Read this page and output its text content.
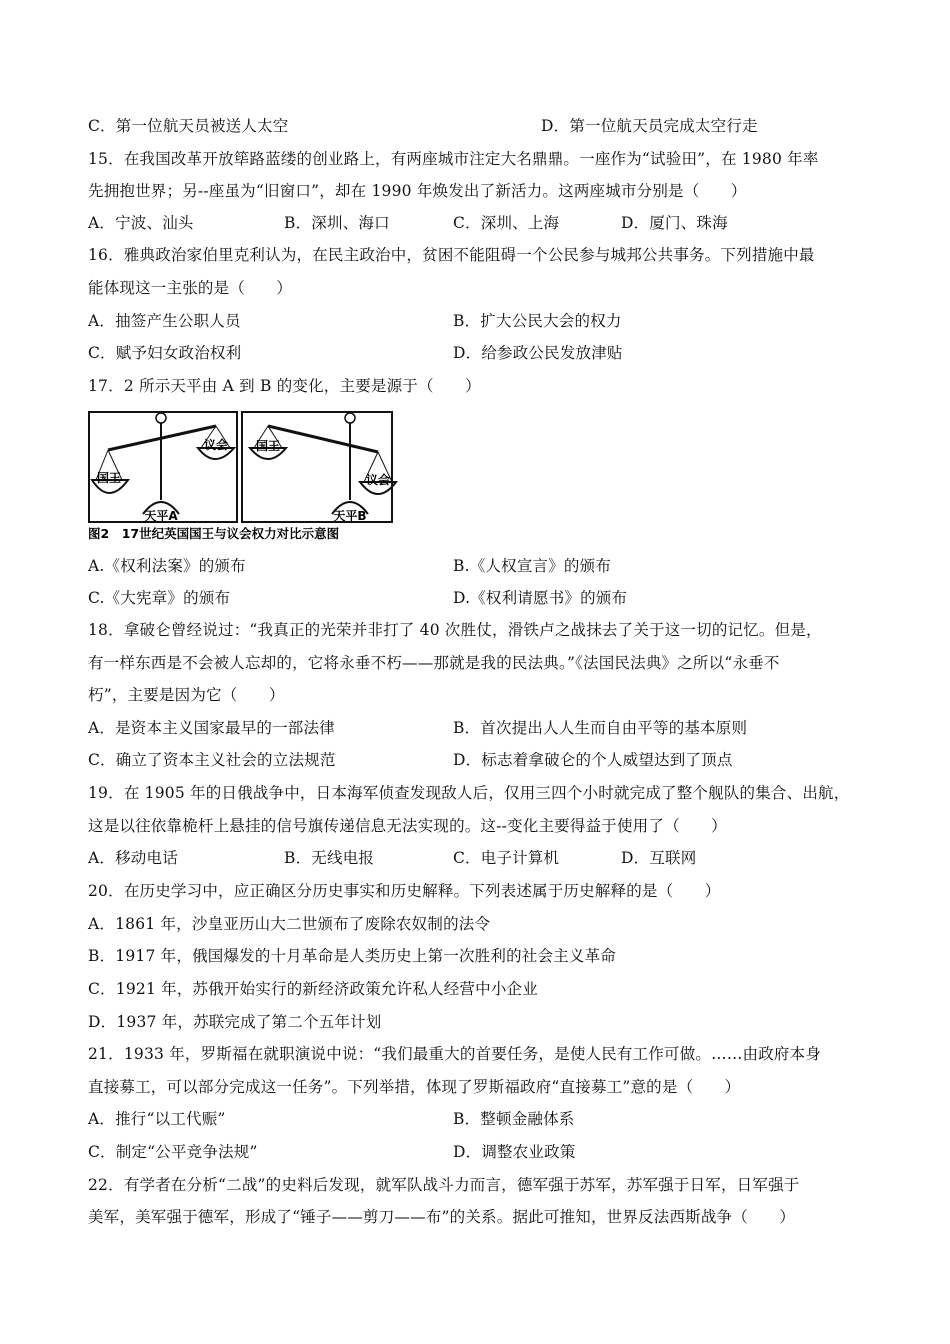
C．第一位航天员被送人太空	D．第一位航天员完成太空行走
15．在我国改革开放筚路蓝缕的创业路上，有两座城市注定大名鼎鼎。一座作为“试验田”，在 1980 年率
先拥抱世界；另--座虽为“旧窗口”，却在 1990 年焕发出了新活力。这两座城市分别是（　　）
A．宁波、汕头	B．深圳、海口	C．深圳、上海	D．厦门、珠海
16．雅典政治家伯里克利认为，在民主政治中，贫困不能阻碍一个公民参与城邦公共事务。下列措施中最
能体现这一主张的是（　　）
A．抽签产生公职人员	B．扩大公民大会的权力
C．赋予妇女政治权利	D．给参政公民发放津贴
17．2 所示天平由 A 到 B 的变化，主要是源于（　　）
国王
议会
天平A
国王
议会
天平B
图2　17世纪英国国王与议会权力对比示意图
A.《权利法案》的颁布	B.《人权宣言》的颁布
C.《大宪章》的颁布	D.《权利请愿书》的颁布
18．拿破仑曾经说过：“我真正的光荣并非打了 40 次胜仗，滑铁卢之战抹去了关于这一切的记忆。但是，
有一样东西是不会被人忘却的，它将永垂不朽——那就是我的民法典。”《法国民法典》之所以“永垂不
朽”，主要是因为它（　　）
A．是资本主义国家最早的一部法律	B．首次提出人人生而自由平等的基本原则
C．确立了资本主义社会的立法规范	D．标志着拿破仑的个人威望达到了顶点
19．在 1905 年的日俄战争中，日本海军侦查发现敌人后，仅用三四个小时就完成了整个舰队的集合、出航，
这是以往依靠桅杆上悬挂的信号旗传递信息无法实现的。这--变化主要得益于使用了（　　）
A．移动电话	B．无线电报	C．电子计算机	D．互联网
20．在历史学习中，应正确区分历史事实和历史解释。下列表述属于历史解释的是（　　）
A．1861 年，沙皇亚历山大二世颁布了废除农奴制的法令
B．1917 年，俄国爆发的十月革命是人类历史上第一次胜利的社会主义革命
C．1921 年，苏俄开始实行的新经济政策允许私人经营中小企业
D．1937 年，苏联完成了第二个五年计划
21．1933 年，罗斯福在就职演说中说：“我们最重大的首要任务，是使人民有工作可做。……由政府本身
直接募工，可以部分完成这一任务”。下列举措，体现了罗斯福政府“直接募工”意的是（　　）
A．推行“以工代赈”	B．整顿金融体系
C．制定“公平竞争法规”	D．调整农业政策
22．有学者在分析“二战”的史料后发现，就军队战斗力而言，德军强于苏军，苏军强于日军，日军强于
美军，美军强于德军，形成了“锤子——剪刀——布”的关系。据此可推知，世界反法西斯战争（　　）
